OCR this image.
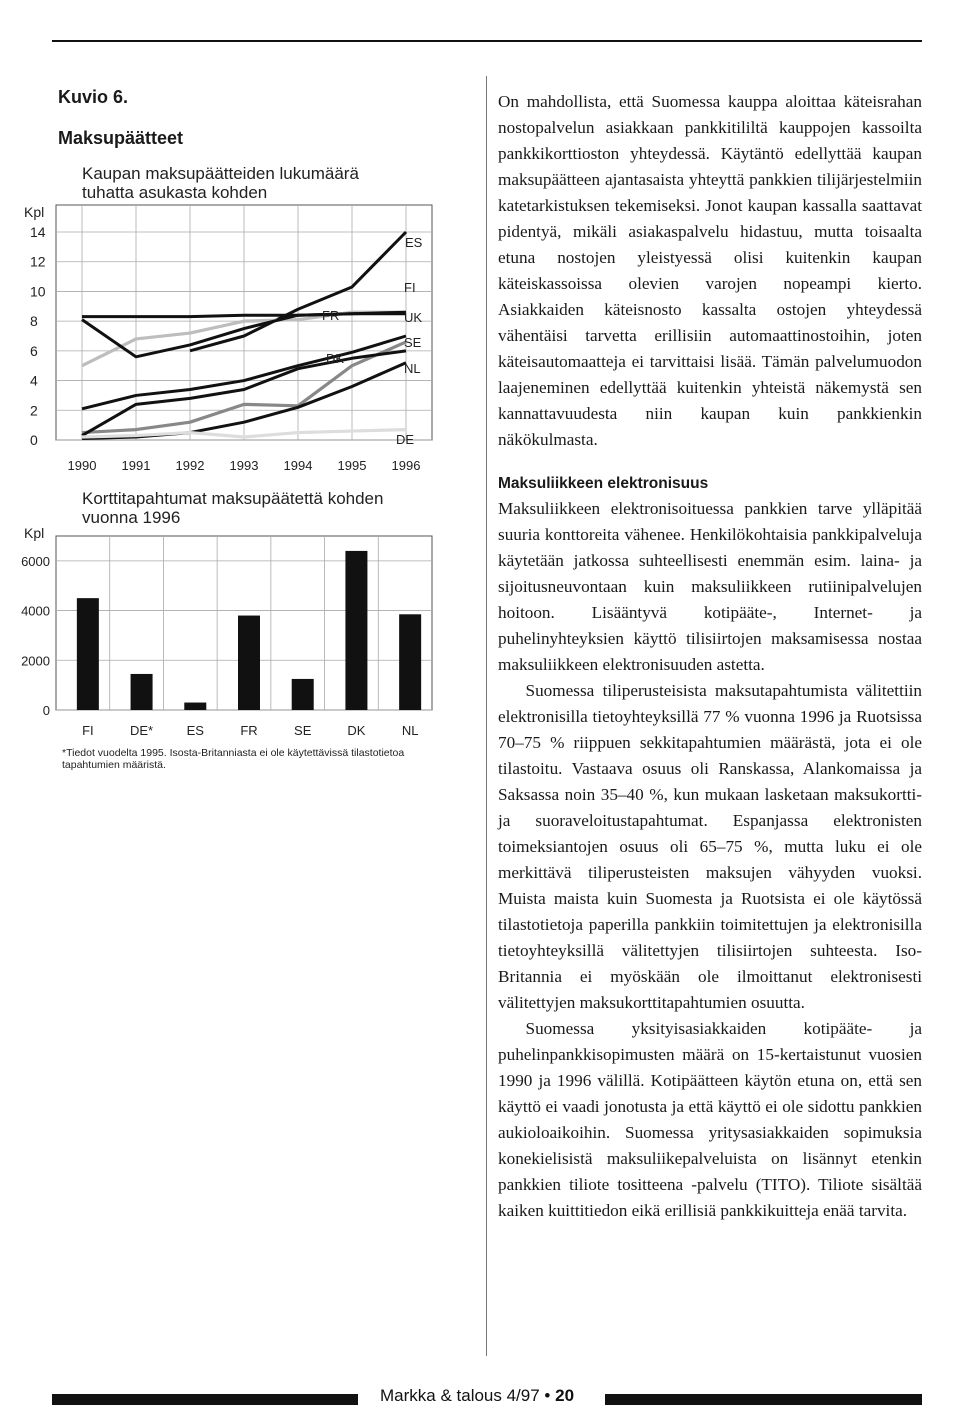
Kuvio 6.
Maksupäätteet
Kpl
Kaupan maksupäätteiden lukumäärä tuhatta asukasta kohden
0
2
4
6
8
10
12
14
1990 1991 1992 1993 1994 1995 1996
ES
FI
UK
FR
DK
SE
NL
DE
Kpl
Korttitapahtumat maksupäätettä kohden vuonna 1996
0
2000
4000
6000
FI	DE*	ES	FR	SE	DK	NL
*Tiedot vuodelta 1995. Isosta-Britanniasta ei ole käytettävissä tilastotietoa tapahtumien määristä.

On mahdollista, että Suomessa kauppa aloittaa käteisrahan nostopalvelun asiakkaan pankkitililtä kauppojen kassoilta pankkikorttioston yhteydessä. Käytäntö edellyttää kaupan maksupäätteen ajantasaista yhteyttä pankkien tilijärjestelmiin katetarkistuksen tekemiseksi. Jonot kaupan kassalla saattavat pidentyä, mikäli asiakaspalvelu hidastuu, mutta toisaalta etuna nostojen yleistyessä olisi kuitenkin kaupan käteiskassoissa olevien varojen nopeampi kierto. Asiakkaiden käteisnosto kassalta ostojen yhteydessä vähentäisi tarvetta erillisiin automaattinostoihin, joten käteisautomaatteja ei tarvittaisi lisää. Tämän palvelumuodon laajeneminen edellyttää kuitenkin yhteistä näkemystä sen kannattavuudesta niin kaupan kuin pankkienkin näkökulmasta.

Maksuliikkeen elektronisuus

Maksuliikkeen elektronisoituessa pankkien tarve ylläpitää suuria konttoreita vähenee. Henkilökohtaisia pankkipalveluja käytetään jatkossa suhteellisesti enemmän esim. laina- ja sijoitusneuvontaan kuin maksuliikkeen rutiinipalvelujen hoitoon. Lisääntyvä kotipääte-, Internet- ja puhelinyhteyksien käyttö tilisiirtojen maksamisessa nostaa maksuliikkeen elektronisuuden astetta.

Suomessa tiliperusteisista maksutapahtumista välitettiin elektronisilla tietoyhteyksillä 77 % vuonna 1996 ja Ruotsissa 70–75 % riippuen sekkitapahtumien määrästä, jota ei ole tilastoitu. Vastaava osuus oli Ranskassa, Alankomaissa ja Saksassa noin 35–40 %, kun mukaan lasketaan maksukortti- ja suoraveloitustapahtumat. Espanjassa elektronisten toimeksiantojen osuus oli 65–75 %, mutta luku ei ole merkittävä tiliperusteisten maksujen vähyyden vuoksi. Muista maista kuin Suomesta ja Ruotsista ei ole käytössä tilastotietoja paperilla pankkiin toimitettujen ja elektronisilla tietoyhteyksillä välitettyjen tilisiirtojen suhteesta. Iso-Britannia ei myöskään ole ilmoittanut elektronisesti välitettyjen maksukorttitapahtumien osuutta.

Suomessa yksityisasiakkaiden kotipääte- ja puhelinpankkisopimusten määrä on 15-kertaistunut vuosien 1990 ja 1996 välillä. Kotipäätteen käytön etuna on, että sen käyttö ei vaadi jonotusta ja että käyttö ei ole sidottu pankkien aukioloaikoihin. Suomessa yritysasiakkaiden sopimuksia konekielisistä maksuliikepalveluista on lisännyt etenkin pankkien tiliote tositteena -palvelu (TITO). Tiliote sisältää kaiken kuittitiedon eikä erillisiä pankkikuitteja enää tarvita.

Markka & talous 4/97 • 20
